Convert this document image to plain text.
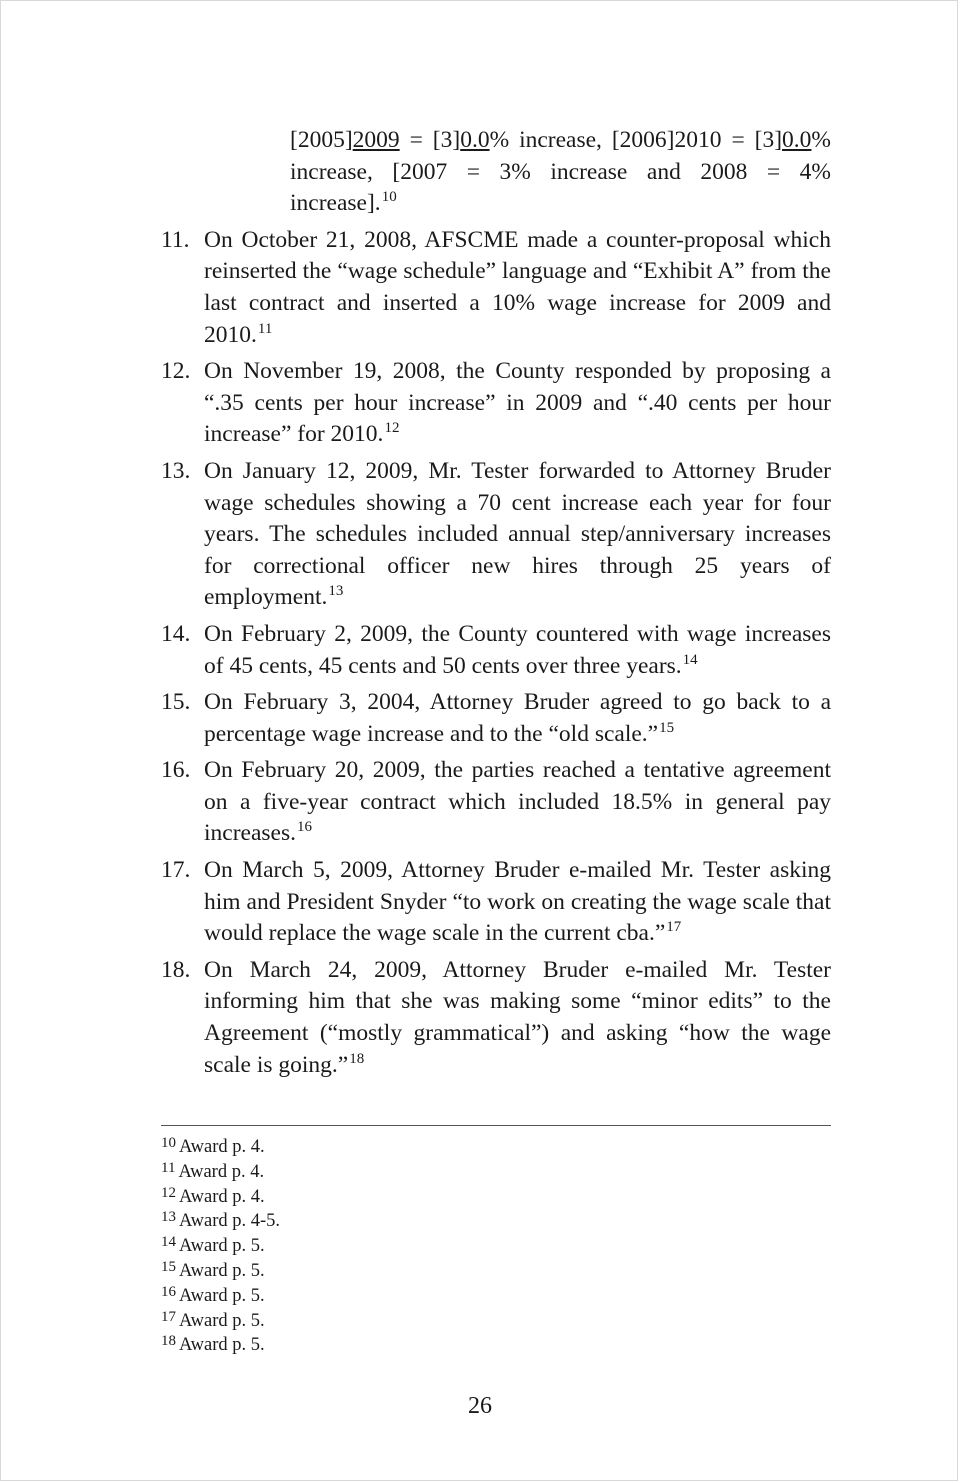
[2005]2009 = [3]0.0% increase, [2006]2010 = [3]0.0% increase, [2007 = 3% increase and 2008 = 4% increase].$^{10}$

11. On October 21, 2008, AFSCME made a counter-proposal which reinserted the “wage schedule” language and “Exhibit A” from the last contract and inserted a 10% wage increase for 2009 and 2010.11
12. On November 19, 2008, the County responded by proposing a “.35 cents per hour increase” in 2009 and “.40 cents per hour increase” for 2010.12
13. On January 12, 2009, Mr. Tester forwarded to Attorney Bruder wage schedules showing a 70 cent increase each year for four years. The schedules included annual step/anniversary increases for correctional officer new hires through 25 years of employment.$^{13}$
14. On February 2, 2009, the County countered with wage increases of 45 cents, 45 cents and 50 cents over three years.$^{14}$
15. On February 3, 2004, Attorney Bruder agreed to go back to a percentage wage increase and to the “old scale.”$^{15}$
16. On February 20, 2009, the parties reached a tentative agreement on a five-year contract which included 18.5% in general pay increases.$^{16}$
17. On March 5, 2009, Attorney Bruder e-mailed Mr. Tester asking him and President Snyder “to work on creating the wage scale that would replace the wage scale in the current cba.”$^{17}$
18. On March 24, 2009, Attorney Bruder e-mailed Mr. Tester informing him that she was making some “minor edits” to the Agreement (“mostly grammatical”) and asking “how the wage scale is going.”$^{18}$
$^{10}$ Award p. 4.
$^{11}$ Award p. 4.
$^{12}$ Award p. 4.
$^{13}$ Award p. 4-5.
$^{14}$ Award p. 5.
$^{15}$ Award p. 5.
$^{16}$ Award p. 5.
$^{17}$ Award p. 5.
$^{18}$ Award p. 5.
26
